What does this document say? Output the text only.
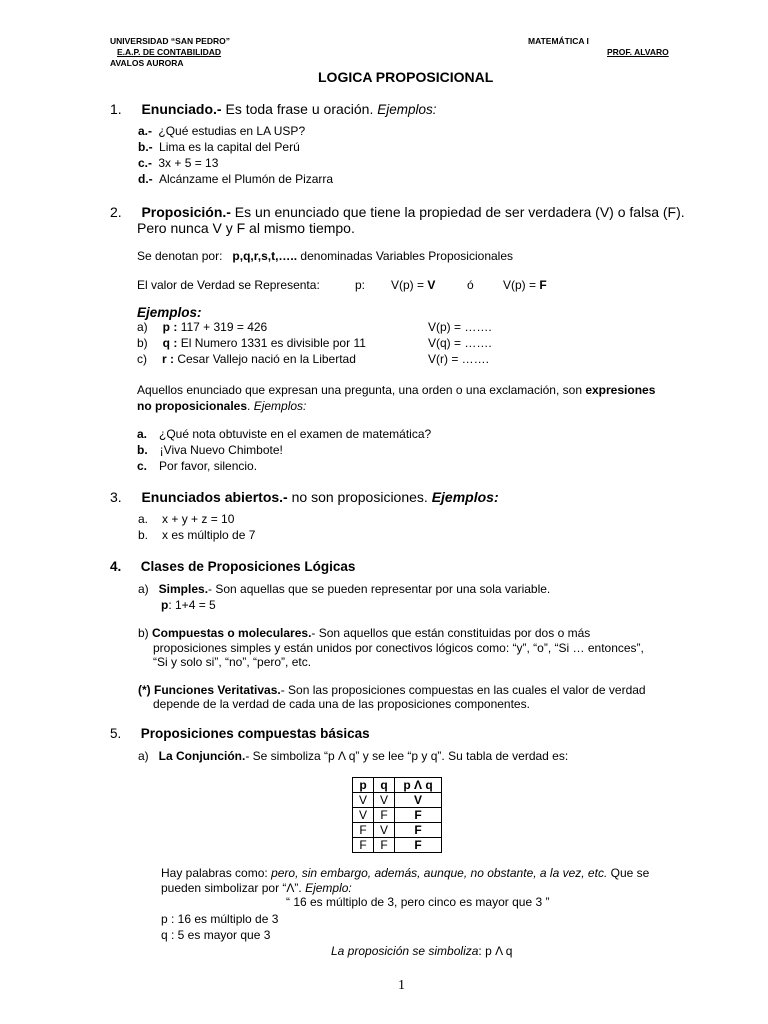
UNIVERSIDAD “SAN PEDRO”	MATEMÁTICA I
E.A.P. DE CONTABILIDAD	PROF. ALVARO
AVALOS AURORA
LOGICA PROPOSICIONAL
1. Enunciado.- Es toda frase u oración. Ejemplos:
a.- ¿Qué estudias en LA USP?
b.- Lima es la capital del Perú
c.- 3x + 5 = 13
d.- Alcánzame el Plumón de Pizarra
2. Proposición.- Es un enunciado que tiene la propiedad de ser verdadera (V) o falsa (F).
Pero nunca V y F al mismo tiempo.
Se denotan por: p,q,r,s,t,….. denominadas Variables Proposicionales
El valor de Verdad se Representa:	p: V(p) = V	ó V(p) = F
Ejemplos:
a) p : 117 + 319 = 426	V(p) = …….
b) q : El Numero 1331 es divisible por 11	V(q) = …….
c) r : Cesar Vallejo nació en la Libertad	V(r) = …….
Aquellos enunciado que expresan una pregunta, una orden o una exclamación, son expresiones
no proposicionales. Ejemplos:
a. ¿Qué nota obtuviste en el examen de matemática?
b. ¡Viva Nuevo Chimbote!
c. Por favor, silencio.
3. Enunciados abiertos.- no son proposiciones. Ejemplos:
a. x + y + z = 10
b. x es múltiplo de 7
4. Clases de Proposiciones Lógicas
a) Simples.- Son aquellas que se pueden representar por una sola variable.
p: 1+4 = 5
b) Compuestas o moleculares.- Son aquellos que están constituidas por dos o más
proposiciones simples y están unidos por conectivos lógicos como: “y”, “o”, “Si … entonces”,
“Si y solo si”, “no”, “pero”, etc.
(*) Funciones Veritativas.- Son las proposiciones compuestas en las cuales el valor de verdad
depende de la verdad de cada una de las proposiciones componentes.
5. Proposiciones compuestas básicas
a) La Conjunción.- Se simboliza “p Λ q” y se lee “p y q”. Su tabla de verdad es:
p	q	p Λ q
V	V	V
V	F	F
F	V	F
F	F	F
Hay palabras como: pero, sin embargo, además, aunque, no obstante, a la vez, etc. Que se
pueden simbolizar por “Λ”. Ejemplo:
“ 16 es múltiplo de 3, pero cinco es mayor que 3 ”
p : 16 es múltiplo de 3
q : 5 es mayor que 3
La proposición se simboliza: p Λ q
1
